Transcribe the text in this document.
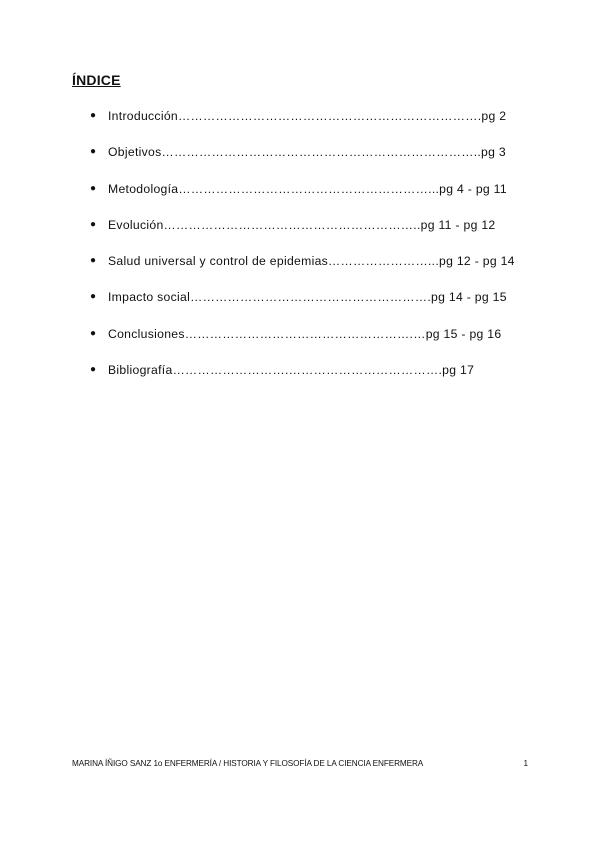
ÍNDICE
● Introducción……………………………………………………………….pg 2
● Objetivos…………………………………………………………………..pg 3
● Metodología……………………………………………………...pg 4 - pg 11
● Evolución……………………………………………………..pg 11 - pg 12
● Salud universal y control de epidemias……………………...pg 12 - pg 14
● Impacto social………………………………………………….pg 14 - pg 15
● Conclusiones……………………………………………….…pg 15 - pg 16
● Bibliografía……………………….……………………………….pg 17
MARINA ÍÑIGO SANZ 1o ENFERMERÍA / HISTORIA Y FILOSOFÍA DE LA CIENCIA ENFERMERA	1
